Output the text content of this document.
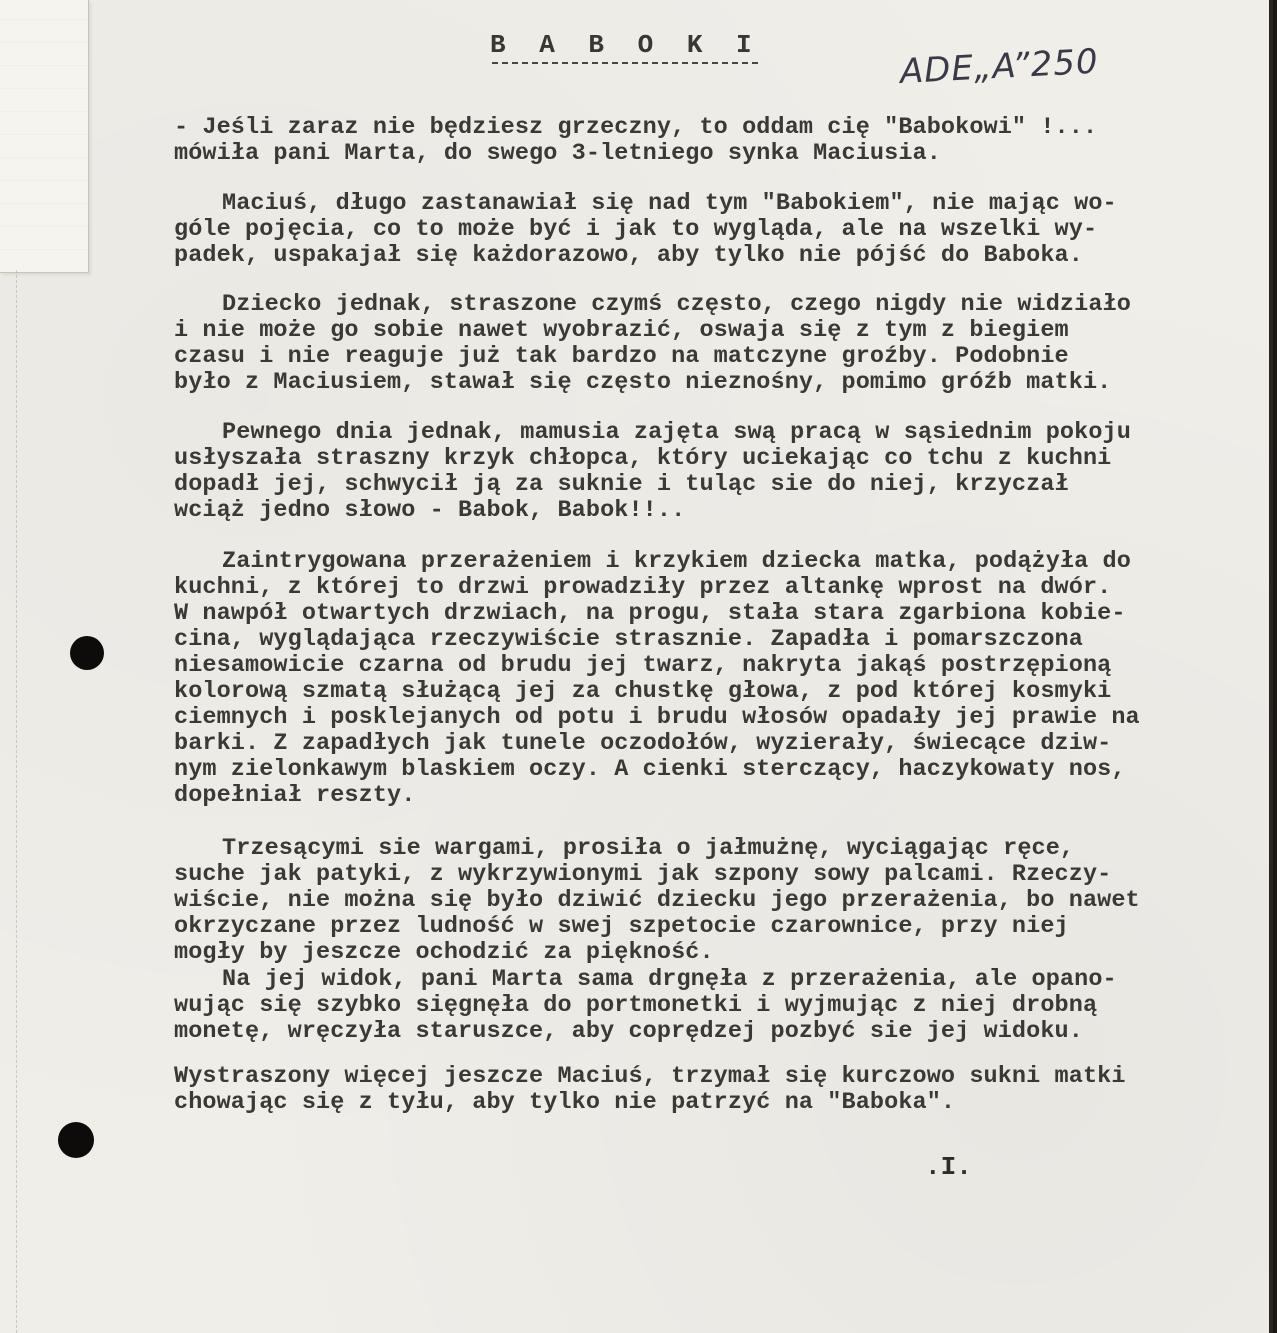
B A B O K I	ADE„A”250
- Jeśli zaraz nie będziesz grzeczny, to oddam cię "Babokowi" !...
mówiła pani Marta, do swego 3-letniego synka Maciusia.
Maciuś, długo zastanawiał się nad tym "Babokiem", nie mając wo-
góle pojęcia, co to może być i jak to wygląda, ale na wszelki wy-
padek, uspakajał się każdorazowo, aby tylko nie pójść do Baboka.
Dziecko jednak, straszone czymś często, czego nigdy nie widziało
i nie może go sobie nawet wyobrazić, oswaja się z tym z biegiem
czasu i nie reaguje już tak bardzo na matczyne groźby. Podobnie
było z Maciusiem, stawał się często nieznośny, pomimo gróźb matki.
Pewnego dnia jednak, mamusia zajęta swą pracą w sąsiednim pokoju
usłyszała straszny krzyk chłopca, który uciekając co tchu z kuchni
dopadł jej, schwycił ją za suknie i tuląc sie do niej, krzyczał
wciąż jedno słowo - Babok, Babok!!..
Zaintrygowana przerażeniem i krzykiem dziecka matka, podążyła do
kuchni, z której to drzwi prowadziły przez altankę wprost na dwór.
W nawpół otwartych drzwiach, na progu, stała stara zgarbiona kobie-
cina, wyglądająca rzeczywiście strasznie. Zapadła i pomarszczona
niesamowicie czarna od brudu jej twarz, nakryta jakąś postrzępioną
kolorową szmatą służącą jej za chustkę głowa, z pod której kosmyki
ciemnych i posklejanych od potu i brudu włosów opadały jej prawie na
barki. Z zapadłych jak tunele oczodołów, wyzierały, świecące dziw-
nym zielonkawym blaskiem oczy. A cienki sterczący, haczykowaty nos,
dopełniał reszty.
Trzesącymi sie wargami, prosiła o jałmużnę, wyciągając ręce,
suche jak patyki, z wykrzywionymi jak szpony sowy palcami. Rzeczy-
wiście, nie można się było dziwić dziecku jego przerażenia, bo nawet
okrzyczane przez ludność w swej szpetocie czarownice, przy niej
mogły by jeszcze ochodzić za piękność.
Na jej widok, pani Marta sama drgnęła z przerażenia, ale opano-
wując się szybko sięgnęła do portmonetki i wyjmując z niej drobną
monetę, wręczyła staruszce, aby coprędzej pozbyć sie jej widoku.
Wystraszony więcej jeszcze Maciuś, trzymał się kurczowo sukni matki
chowając się z tyłu, aby tylko nie patrzyć na "Baboka".
.I.
